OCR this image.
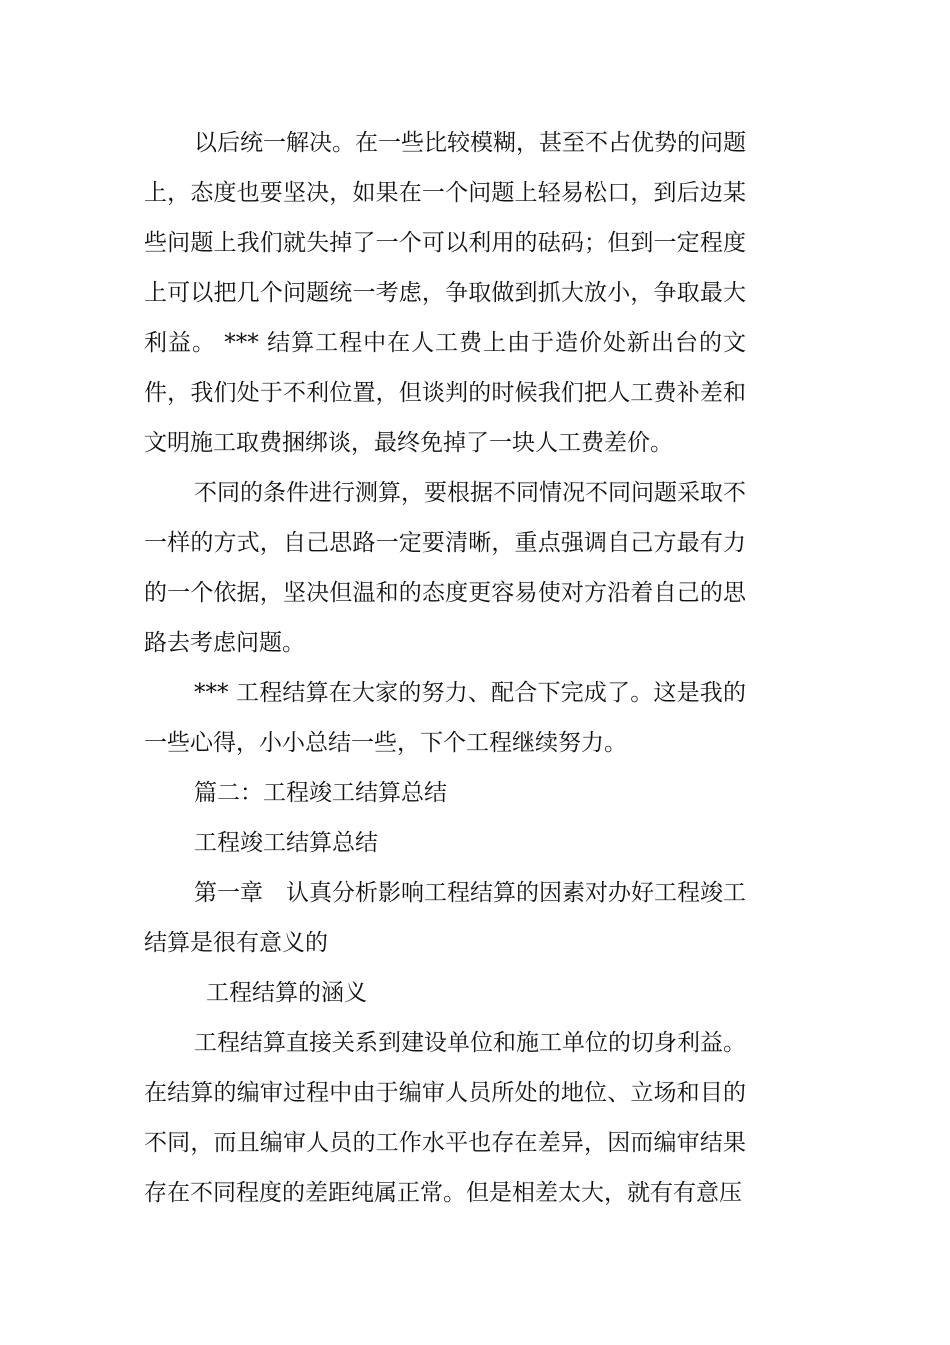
以后统一解决。在一些比较模糊，甚至不占优势的问题上，态度也要坚决，如果在一个问题上轻易松口，到后边某些问题上我们就失掉了一个可以利用的砝码；但到一定程度上可以把几个问题统一考虑，争取做到抓大放小，争取最大利益。 *** 结算工程中在人工费上由于造价处新出台的文件，我们处于不利位置，但谈判的时候我们把人工费补差和文明施工取费捆绑谈，最终免掉了一块人工费差价。

不同的条件进行测算，要根据不同情况不同问题采取不一样的方式，自己思路一定要清晰，重点强调自己方最有力的一个依据，坚决但温和的态度更容易使对方沿着自己的思路去考虑问题。

*** 工程结算在大家的努力、配合下完成了。这是我的一些心得，小小总结一些，下个工程继续努力。

篇二：工程竣工结算总结

工程竣工结算总结

第一章　认真分析影响工程结算的因素对办好工程竣工结算是很有意义的

工程结算的涵义

工程结算直接关系到建设单位和施工单位的切身利益。在结算的编审过程中由于编审人员所处的地位、立场和目的不同，而且编审人员的工作水平也存在差异，因而编审结果存在不同程度的差距纯属正常。但是相差太大，就有有意压
